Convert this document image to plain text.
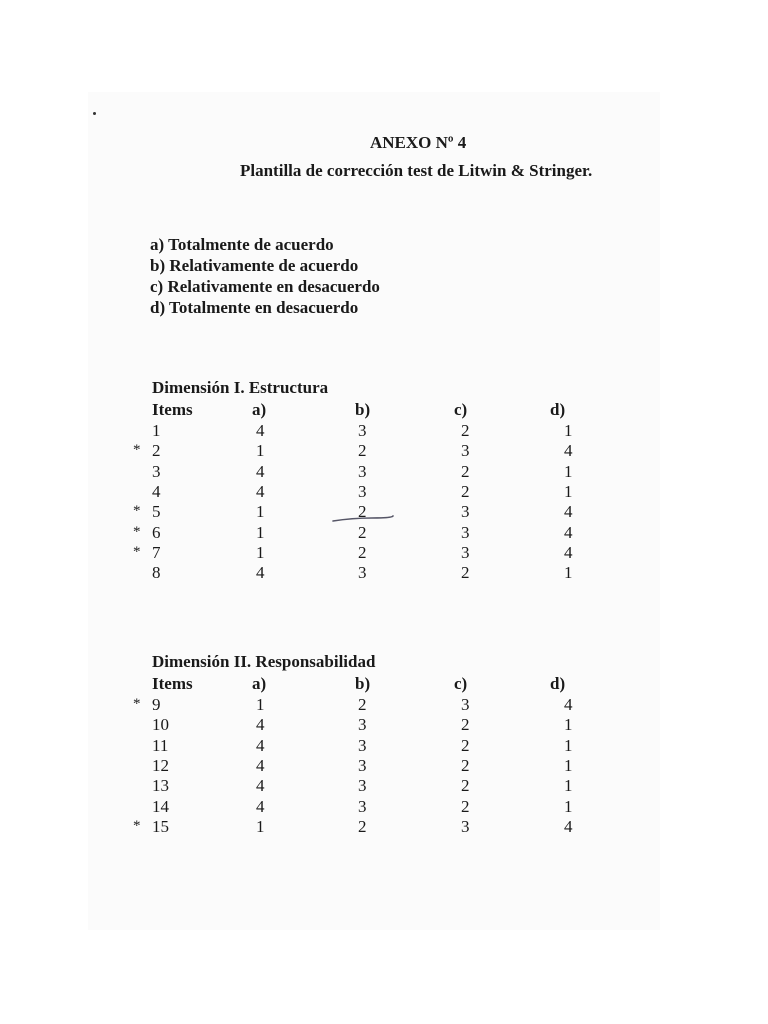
ANEXO Nº 4
Plantilla de corrección test de Litwin & Stringer.
a) Totalmente de acuerdo
b) Relativamente de acuerdo
c) Relativamente en desacuerdo
d) Totalmente en desacuerdo
Dimensión I. Estructura
Items	a)	b)	c)	d)
1	4	3	2	1
* 2	1	2	3	4
3	4	3	2	1
4	4	3	2	1
* 5	1	2	3	4
* 6	1	2	3	4
* 7	1	2	3	4
8	4	3	2	1
Dimensión II. Responsabilidad
Items	a)	b)	c)	d)
* 9	1	2	3	4
10	4	3	2	1
11	4	3	2	1
12	4	3	2	1
13	4	3	2	1
14	4	3	2	1
* 15	1	2	3	4
